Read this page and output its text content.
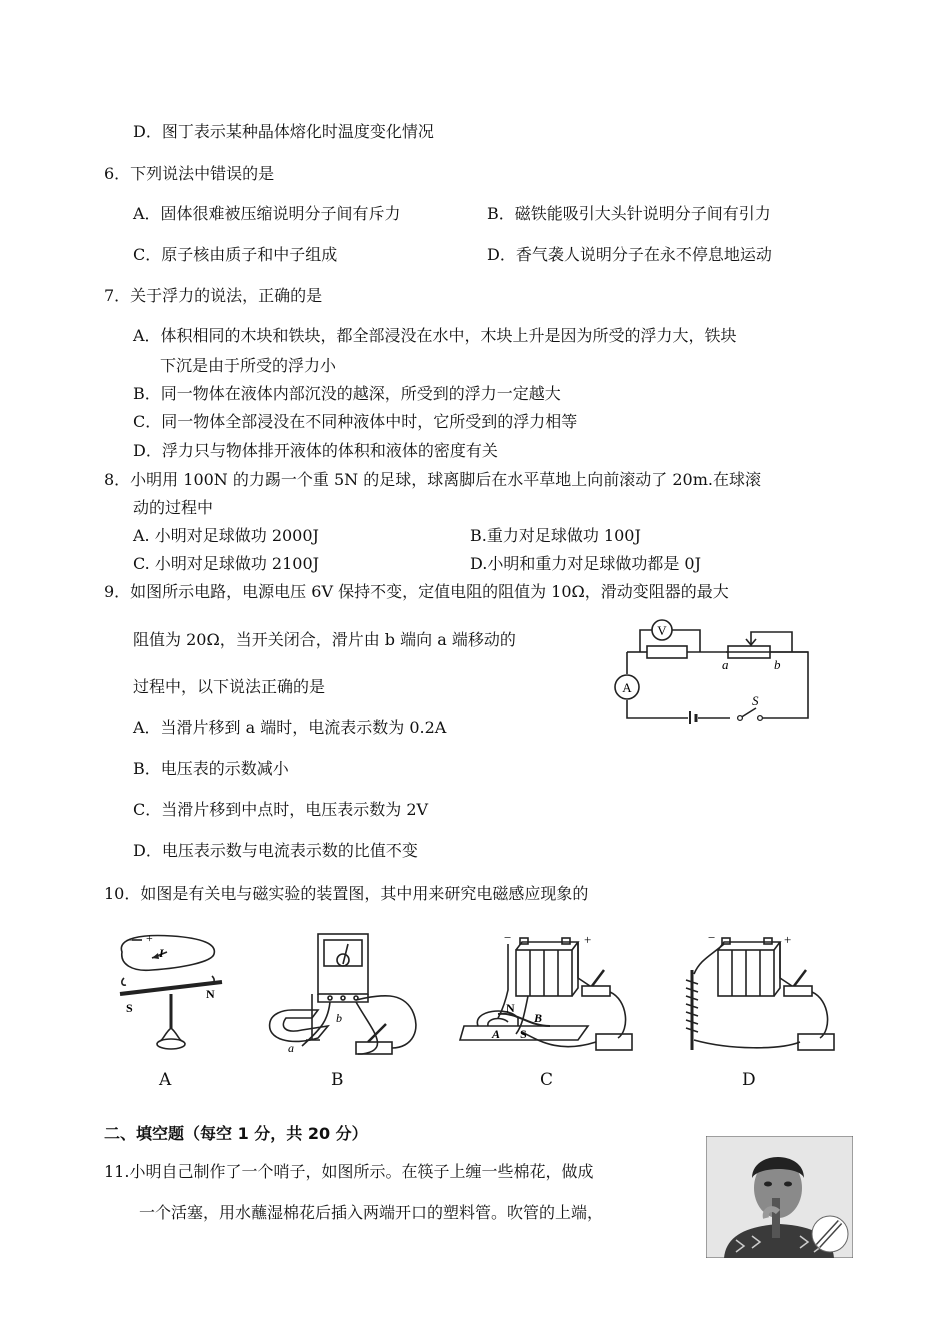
D．图丁表示某种晶体熔化时温度变化情况
6．下列说法中错误的是
A．固体很难被压缩说明分子间有斥力	B．磁铁能吸引大头针说明分子间有引力
C．原子核由质子和中子组成	D．香气袭人说明分子在永不停息地运动
7．关于浮力的说法，正确的是
A．体积相同的木块和铁块，都全部浸没在水中，木块上升是因为所受的浮力大，铁块
下沉是由于所受的浮力小
B．同一物体在液体内部沉没的越深，所受到的浮力一定越大
C．同一物体全部浸没在不同种液体中时，它所受到的浮力相等
D．浮力只与物体排开液体的体积和液体的密度有关
8．小明用 100N 的力踢一个重 5N 的足球，球离脚后在水平草地上向前滚动了 20m.在球滚
动的过程中
A. 小明对足球做功 2000J	B.重力对足球做功 100J
C. 小明对足球做功 2100J	D.小明和重力对足球做功都是 0J
9．如图所示电路，电源电压 6V 保持不变，定值电阻的阻值为 10Ω，滑动变阻器的最大
阻值为 20Ω，当开关闭合，滑片由 b 端向 a 端移动的
过程中，以下说法正确的是
A．当滑片移到 a 端时，电流表示数为 0.2A
B．电压表的示数减小
C．当滑片移到中点时，电压表示数为 2V
D．电压表示数与电流表示数的比值不变
V
A
a	b
S
10．如图是有关电与磁实验的装置图，其中用来研究电磁感应现象的
− +
I
S
N
A
a
b
B
−	+
N
B
A S
C
−	+
D
二、填空题（每空 1 分，共 20 分）
11.小明自己制作了一个哨子，如图所示。在筷子上缠一些棉花，做成
一个活塞，用水蘸湿棉花后插入两端开口的塑料管。吹管的上端，
